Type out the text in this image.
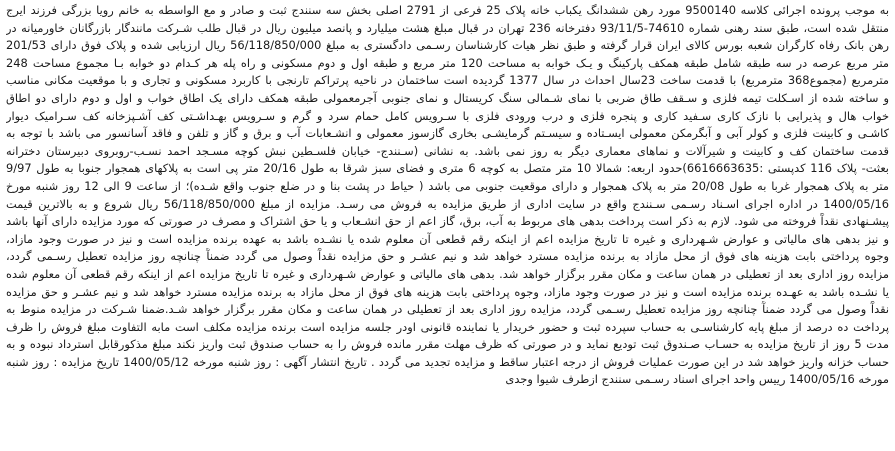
به موجب پرونده اجرائی کلاسه 9500140 مورد رهن ششدانگ یکباب خانه پلاک 25 فرعی از 2791 اصلی بخش سه سنندج ثبت و صادر و مع الواسطه به خانم رویا بزرگی فرزند ایرج
منتقل شده است، طبق سند رهنی شماره 74610-93/11/5 دفترخانه 236 تهران در قبال مبلغ هشت میلیارد و پانصد میلیون ریال در قبال طلب شـرکت مانندگار بازرگانان خاورمیانه در
رهن بانک رفاه کارگران شعبه بورس کالای ایران قرار گرفته و طبق نظر هیات کارشناسان رسـمی دادگستری به مبلغ 56/118/850/000 ریال ارزیابی شده و پلاک فوق دارای 201/53
متر مربع عرصه در سه طبقه شامل طبقه همکف پارکینگ و یـک خوابه به مساحت 120 متر مربع و طبقه اول و دوم مسکونی و راه پله هر کـدام دو خوابه بـا مجموع مساحت 248
مترمربع (مجموع368 مترمربع) با قدمت ساخت 23سال احداث در سال 1377 گردیده است ساختمان در ناحیه پرتراکم تارنجی با کاربرد مسکونی و تجاری و با موقعیت مکانی مناسب
و ساخته شده از اسـکلت تیمه فلزی و سـقف طاق ضربی با نمای شـمالی سنگ کریستال و نمای جنوبی آجرمعمولی طبقه همکف دارای یک اطاق خواب و اول و دوم دارای دو اطاق
خواب هال و پذیرایی با نازک کاری سـفید کاری و پنجره فلزی و درب ورودی فلزی با سـرویس کامل حمام سرد و گرم و سـرویس بهـداشـتی کف آشـپزخانه کف سـرامیک دیوار
کاشـی و کابینت فلزی و کولر آبی و آبگرمکن معمولی ایسـتاده و سیسـتم گرمایشـی بخاری گازسوز معمولی و انشـعابات آب و برق و گاز و تلفن و فاقد آسانسور می باشد با توجه به
قدمت ساختمان کف و کابینت و شیرآلات و نماهای معماری دیگر به روز نمی باشد. به نشانی (سـنندج- خیابان فلسـطین نبش کوچه مسـجد احمد نسـب-روبروی دبیرستان دخترانه
بعثت- پلاک 116 کدپستی :6616663635)حدود اربعه: شمالا 10 متر متصل به کوچه 6 متری و فضای سبز شرقا به طول 20/16 متر پی است به پلاکهای همجوار جنوبا به طول 9/97
متر به پلاک همجوار غربا به طول 20/08 متر به پلاک همجوار و دارای موقعیت جنوبی می باشد ( حیاط در پشت بنا و در ضلع جنوب واقع شـده)؛ از ساعت 9 الی 12 روز شنبه مورخ
1400/05/16 در اداره اجرای اسـناد رسـمی سـنندج واقع در سایت اداری از طریق مزایده به فروش می رسـد. مزایده از مبلغ 56/118/850/000 ریال شروع و به بالاترین قیمت
پیشـنهادی نقدآً فروخته می شود. لازم به ذکر است پرداخت بدهی های مربوط به آب، برق، گاز اعم از حق انشـعاب و یا حق اشتراک و مصرف در صورتی که مورد مزایده دارای آنها باشد
و نیز بدهی های مالیاتی و عوارض شـهرداری و غیره تا تاریخ مزایده اعم از اینکه رقم قطعی آن معلوم شده یا نشـده باشد به عهده برنده مزایده است و نیز در صورت وجود مازاد،
وجوه پرداختی بابت هزینه های فوق از محل مازاد به برنده مزایده مسترد خواهد شد و نیم عشـر و حق مزایده نقدآً وصول می گردد ضمنآً چنانچه روز مزایده تعطیل رسـمی گردد،
مزایده روز اداری بعد از تعطیلی در همان ساعت و مکان مقرر برگزار خواهد شد. بدهی های مالیاتی و عوارض شـهرداری و غیره تا تاریخ مزایده اعم از اینکه رقم قطعی آن معلوم شده
یا نشـده باشد به عهـده برنده مزایده است و نیز در صورت وجود مازاد، وجوه پرداختی بابت هزینه های فوق از محل مازاد به برنده مزایده مسترد خواهد شد و نیم عشـر و حق مزایده
نقدآً وصول می گردد ضمنآً چنانچه روز مزایده تعطیل رسـمی گردد، مزایده روز اداری بعد از تعطیلی در همان ساعت و مکان مقرر برگزار خواهد شـد.ضمنا شـرکت در مزایده منوط به
پرداخت ده درصد از مبلغ پایه کارشناسـی به حساب سپرده ثبت و حضور خریدار یا نماینده قانونی اودر جلسه مزایده است برنده مزایده مکلف است مابه التفاوت مبلغ فروش را ظرف
مدت 5 روز از تاریخ مزایده به حسـاب صـندوق ثبت تودیع نماید و در صورتی که ظرف مهلت مقرر مانده فروش را به حساب صندوق ثبت واریز نکند مبلغ مذکورقابل استرداد نبوده و به
حساب خزانه واریز خواهد شد در این صورت عملیات فروش از درجه اعتبار ساقط و مزایده تجدید می گردد . تاریخ انتشار آگهی : روز شنبه مورخه 1400/05/12 تاریخ مزایده : روز شنبه
مورخه 1400/05/16 رییس واحد اجرای اسناد رسـمی سنندج ازطرف شیوا وجدی
